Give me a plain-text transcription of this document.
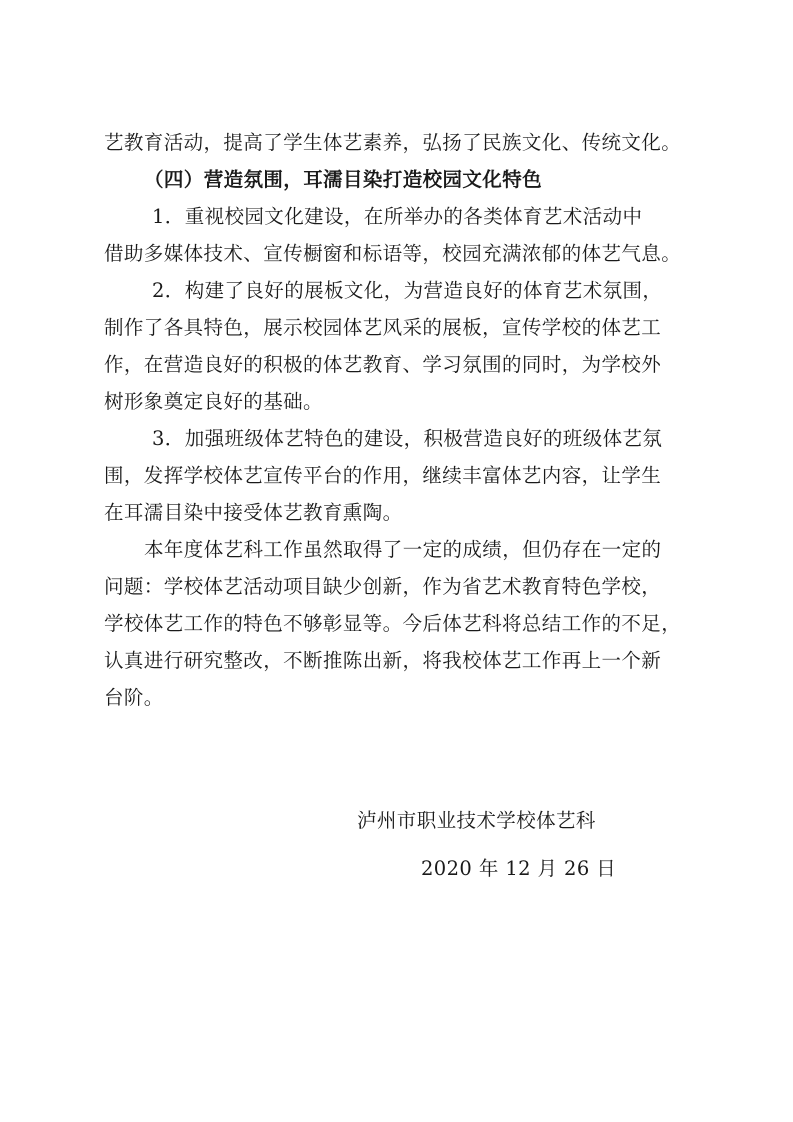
艺教育活动，提高了学生体艺素养，弘扬了民族文化、传统文化。
（四）营造氛围，耳濡目染打造校园文化特色
1．重视校园文化建设，在所举办的各类体育艺术活动中
借助多媒体技术、宣传橱窗和标语等，校园充满浓郁的体艺气息。
2．构建了良好的展板文化，为营造良好的体育艺术氛围，
制作了各具特色，展示校园体艺风采的展板，宣传学校的体艺工
作，在营造良好的积极的体艺教育、学习氛围的同时，为学校外
树形象奠定良好的基础。
3．加强班级体艺特色的建设，积极营造良好的班级体艺氛
围，发挥学校体艺宣传平台的作用，继续丰富体艺内容，让学生
在耳濡目染中接受体艺教育熏陶。
本年度体艺科工作虽然取得了一定的成绩，但仍存在一定的
问题：学校体艺活动项目缺少创新，作为省艺术教育特色学校，
学校体艺工作的特色不够彰显等。今后体艺科将总结工作的不足，
认真进行研究整改，不断推陈出新，将我校体艺工作再上一个新
台阶。
泸州市职业技术学校体艺科
2020 年 12 月 26 日
